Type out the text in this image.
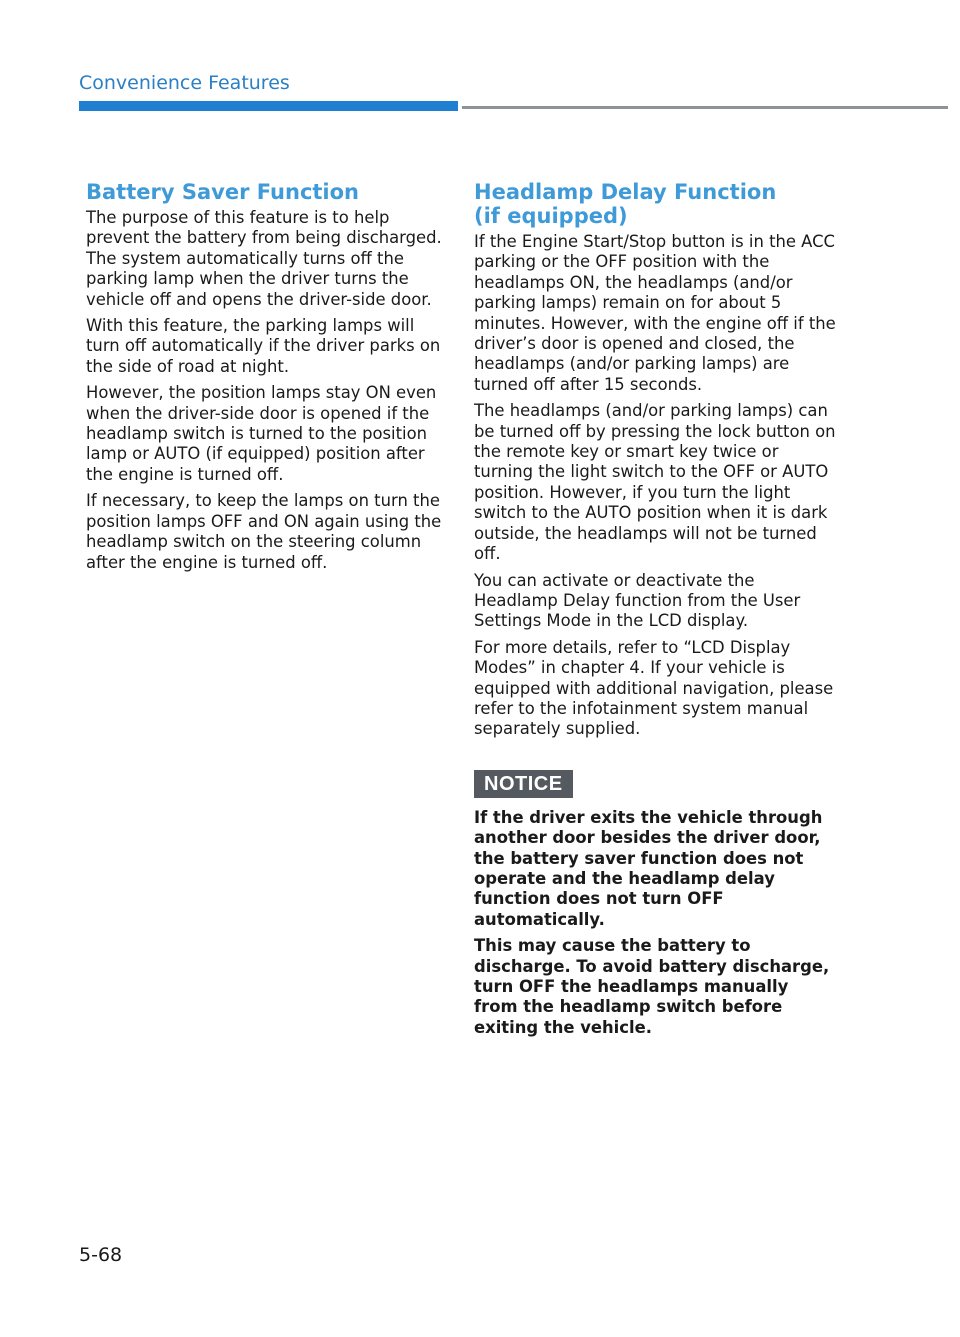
Convenience Features
Battery Saver Function

The purpose of this feature is to help prevent the battery from being discharged. The system automatically turns off the parking lamp when the driver turns the vehicle off and opens the driver-side door.

With this feature, the parking lamps will turn off automatically if the driver parks on the side of road at night.

However, the position lamps stay ON even when the driver-side door is opened if the headlamp switch is turned to the position lamp or AUTO (if equipped) position after the engine is turned off.

If necessary, to keep the lamps on turn the position lamps OFF and ON again using the headlamp switch on the steering column after the engine is turned off.

Headlamp Delay Function
(if equipped)

If the Engine Start/Stop button is in the ACC parking or the OFF position with the headlamps ON, the headlamps (and/or parking lamps) remain on for about 5 minutes. However, with the engine off if the driver’s door is opened and closed, the headlamps (and/or parking lamps) are turned off after 15 seconds.

The headlamps (and/or parking lamps) can be turned off by pressing the lock button on the remote key or smart key twice or turning the light switch to the OFF or AUTO position. However, if you turn the light switch to the AUTO position when it is dark outside, the headlamps will not be turned off.

You can activate or deactivate the Headlamp Delay function from the User Settings Mode in the LCD display.

For more details, refer to “LCD Display Modes” in chapter 4. If your vehicle is equipped with additional navigation, please refer to the infotainment system manual separately supplied.

NOTICE

If the driver exits the vehicle through another door besides the driver door, the battery saver function does not operate and the headlamp delay function does not turn OFF automatically.

This may cause the battery to discharge. To avoid battery discharge, turn OFF the headlamps manually from the headlamp switch before exiting the vehicle.

5-68
